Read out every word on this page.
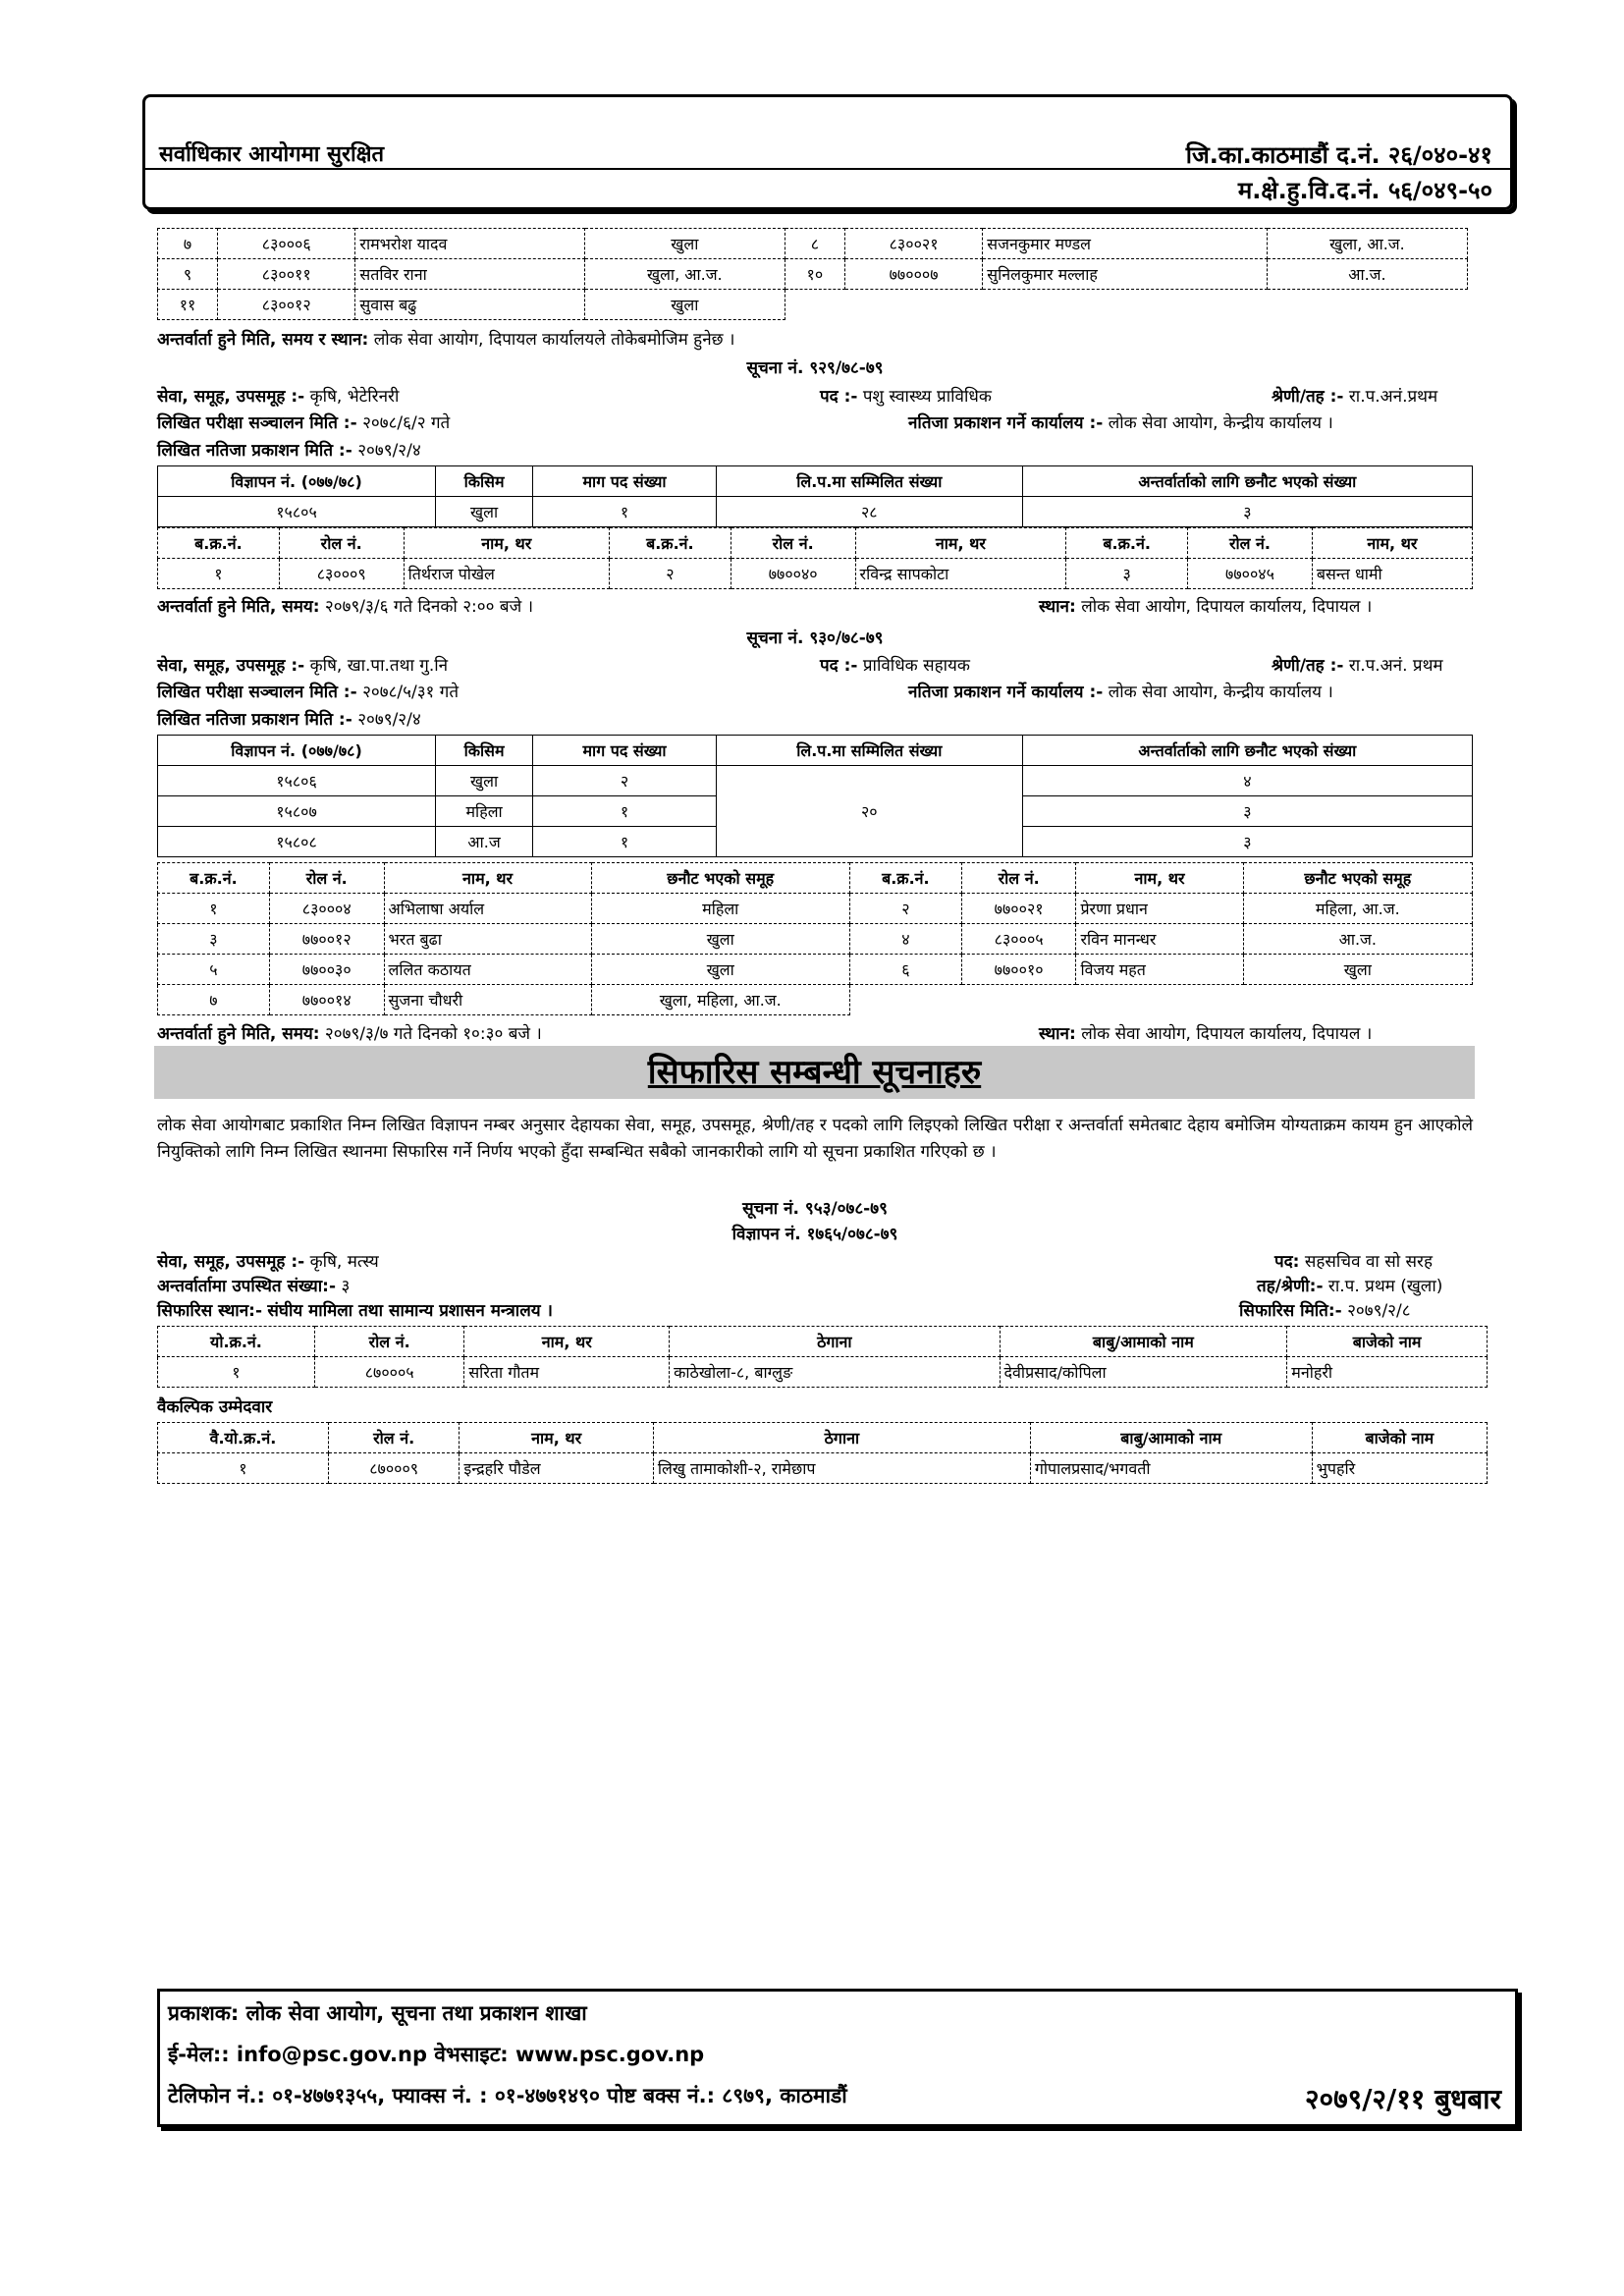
सर्वाधिकार आयोगमा सुरक्षित	जि.का.काठमाडौं द.नं. २६/०४०-४१
म.क्षे.हु.वि.द.नं. ५६/०४९-५०
७	८३०००६	रामभरोश यादव	खुला	८	८३००२१	सजनकुमार मण्डल	खुला, आ.ज.
९	८३००११	सतविर राना	खुला, आ.ज.	१०	७७०००७	सुनिलकुमार मल्लाह	आ.ज.
११	८३००१२	सुवास बढु	खुला				
अन्तर्वार्ता हुने मिति, समय र स्थान: लोक सेवा आयोग, दिपायल कार्यालयले तोकेबमोजिम हुनेछ ।
सूचना नं. ९२९/७८-७९
सेवा, समूह, उपसमूह :- कृषि, भेटेरिनरी	पद :- पशु स्वास्थ्य प्राविधिक	श्रेणी/तह :- रा.प.अनं.प्रथम
लिखित परीक्षा सञ्चालन मिति :- २०७८/६/२ गते	नतिजा प्रकाशन गर्ने कार्यालय :- लोक सेवा आयोग, केन्द्रीय कार्यालय ।
लिखित नतिजा प्रकाशन मिति :- २०७९/२/४
विज्ञापन नं. (०७७/७८)	किसिम	माग पद संख्या	लि.प.मा सम्मिलित संख्या	अन्तर्वार्ताको लागि छनौट भएको संख्या
१५८०५	खुला	१	२८	३
ब.क्र.नं.	रोल नं.	नाम, थर	ब.क्र.नं.	रोल नं.	नाम, थर	ब.क्र.नं.	रोल नं.	नाम, थर
१	८३०००९	तिर्थराज पोखेल	२	७७००४०	रविन्द्र सापकोटा	३	७७००४५	बसन्त धामी
अन्तर्वार्ता हुने मिति, समय: २०७९/३/६ गते दिनको २:०० बजे ।	स्थान: लोक सेवा आयोग, दिपायल कार्यालय, दिपायल ।
सूचना नं. ९३०/७८-७९
सेवा, समूह, उपसमूह :- कृषि, खा.पा.तथा गु.नि	पद :- प्राविधिक सहायक	श्रेणी/तह :- रा.प.अनं. प्रथम
लिखित परीक्षा सञ्चालन मिति :- २०७८/५/३१ गते	नतिजा प्रकाशन गर्ने कार्यालय :- लोक सेवा आयोग, केन्द्रीय कार्यालय ।
लिखित नतिजा प्रकाशन मिति :- २०७९/२/४
विज्ञापन नं. (०७७/७८)	किसिम	माग पद संख्या	लि.प.मा सम्मिलित संख्या	अन्तर्वार्ताको लागि छनौट भएको संख्या
१५८०६	खुला	२	२०	४
१५८०७	महिला	१		३
१५८०८	आ.ज	१		३
ब.क्र.नं.	रोल नं.	नाम, थर	छनौट भएको समूह	ब.क्र.नं.	रोल नं.	नाम, थर	छनौट भएको समूह
१	८३०००४	अभिलाषा अर्याल	महिला	२	७७००२१	प्रेरणा प्रधान	महिला, आ.ज.
३	७७००१२	भरत बुढा	खुला	४	८३०००५	रविन मानन्धर	आ.ज.
५	७७००३०	ललित कठायत	खुला	६	७७००१०	विजय महत	खुला
७	७७००१४	सुजना चौधरी	खुला, महिला, आ.ज.				
अन्तर्वार्ता हुने मिति, समय: २०७९/३/७ गते दिनको १०:३० बजे ।	स्थान: लोक सेवा आयोग, दिपायल कार्यालय, दिपायल ।
सिफारिस सम्बन्धी सूचनाहरु
लोक सेवा आयोगबाट प्रकाशित निम्न लिखित विज्ञापन नम्बर अनुसार देहायका सेवा, समूह, उपसमूह, श्रेणी/तह र पदको लागि लिइएको लिखित परीक्षा र अन्तर्वार्ता समेतबाट देहाय बमोजिम योग्यताक्रम कायम हुन आएकोले नियुक्तिको लागि निम्न लिखित स्थानमा सिफारिस गर्ने निर्णय भएको हुँदा सम्बन्धित सबैको जानकारीको लागि यो सूचना प्रकाशित गरिएको छ ।
सूचना नं. ९५३/०७८-७९
विज्ञापन नं. १७६५/०७८-७९
सेवा, समूह, उपसमूह :- कृषि, मत्स्य	पद: सहसचिव वा सो सरह
अन्तर्वार्तामा उपस्थित संख्या:- ३	तह/श्रेणी:- रा.प. प्रथम (खुला)
सिफारिस स्थान:- संघीय मामिला तथा सामान्य प्रशासन मन्त्रालय ।	सिफारिस मिति:- २०७९/२/८
यो.क्र.नं.	रोल नं.	नाम, थर	ठेगाना	बाबु/आमाको नाम	बाजेको नाम
१	८७०००५	सरिता गौतम	काठेखोला-८, बाग्लुङ	देवीप्रसाद/कोपिला	मनोहरी
वैकल्पिक उम्मेदवार
वै.यो.क्र.नं.	रोल नं.	नाम, थर	ठेगाना	बाबु/आमाको नाम	बाजेको नाम
१	८७०००९	इन्द्रहरि पौडेल	लिखु तामाकोशी-२, रामेछाप	गोपालप्रसाद/भगवती	भुपहरि
प्रकाशक: लोक सेवा आयोग, सूचना तथा प्रकाशन शाखा
ई-मेल:: info@psc.gov.np वेभसाइट: www.psc.gov.np
टेलिफोन नं.: ०१-४७७१३५५, फ्याक्स नं. : ०१-४७७१४९० पोष्ट बक्स नं.: ८९७९, काठमाडौं	२०७९/२/११ बुधबार
